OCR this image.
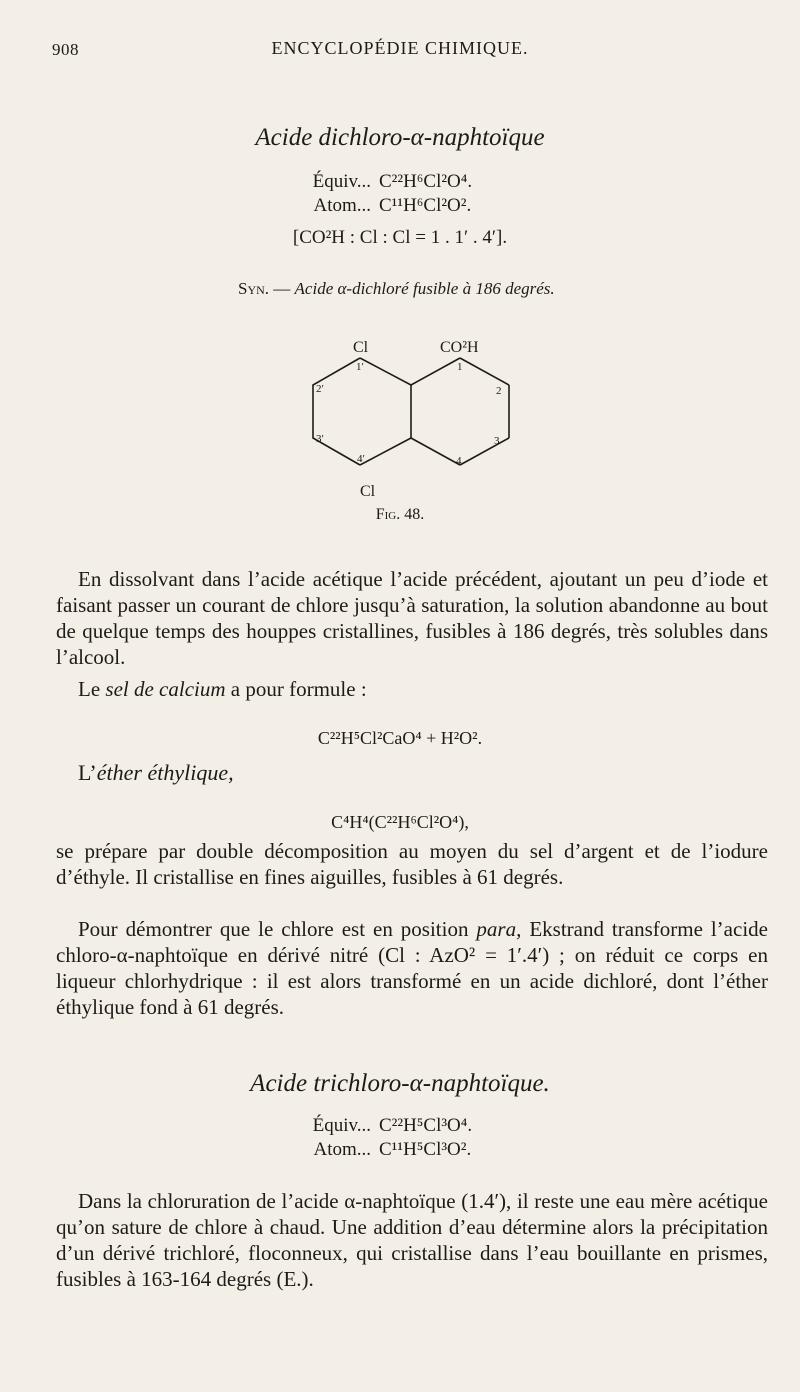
908	ENCYCLOPÉDIE CHIMIQUE.
Acide dichloro-α-naphtoïque
Équiv... C²²H⁶Cl²O⁴.
Atom... C¹¹H⁶Cl²O².
[CO²H : Cl : Cl = 1 . 1′ . 4′].
Syn. — Acide α-dichloré fusible à 186 degrés.
Cl	CO²H
Cl
1′	1
2′	2
3′	3
4′	4
Fig. 48.
En dissolvant dans l’acide acétique l’acide précédent, ajoutant un peu d’iode et faisant passer un courant de chlore jusqu’à saturation, la solution abandonne au bout de quelque temps des houppes cristallines, fusibles à 186 degrés, très solubles dans l’alcool.
Le sel de calcium a pour formule :
C²²H⁵Cl²CaO⁴ + H²O².
L’éther éthylique,
C⁴H⁴(C²²H⁶Cl²O⁴),
se prépare par double décomposition au moyen du sel d’argent et de l’iodure d’éthyle. Il cristallise en fines aiguilles, fusibles à 61 degrés.
Pour démontrer que le chlore est en position para, Ekstrand transforme l’acide chloro-α-naphtoïque en dérivé nitré (Cl : AzO² = 1′.4′) ; on réduit ce corps en liqueur chlorhydrique : il est alors transformé en un acide dichloré, dont l’éther éthylique fond à 61 degrés.
Acide trichloro-α-naphtoïque.
Équiv... C²²H⁵Cl³O⁴.
Atom... C¹¹H⁵Cl³O².
Dans la chloruration de l’acide α-naphtoïque (1.4′), il reste une eau mère acétique qu’on sature de chlore à chaud. Une addition d’eau détermine alors la précipitation d’un dérivé trichloré, floconneux, qui cristallise dans l’eau bouillante en prismes, fusibles à 163-164 degrés (E.).
